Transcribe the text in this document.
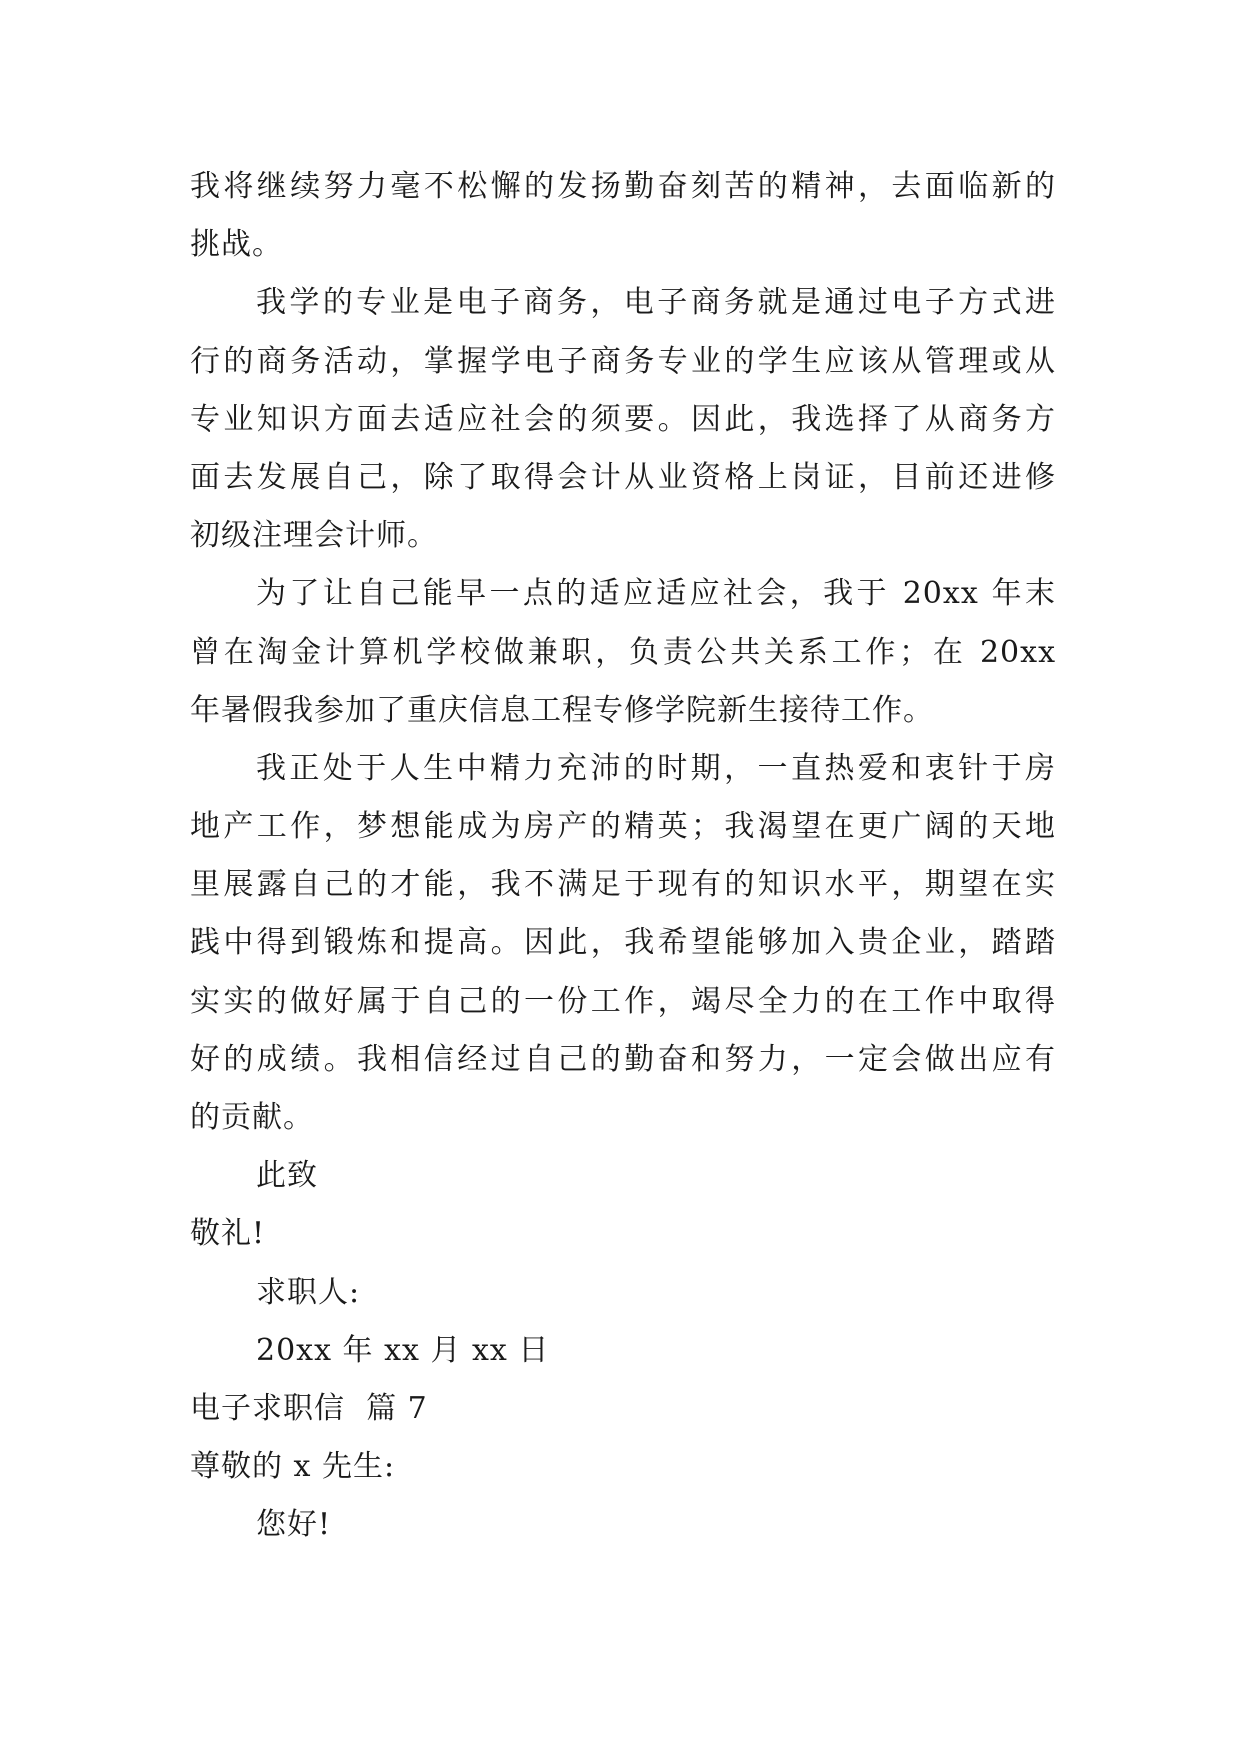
我将继续努力毫不松懈的发扬勤奋刻苦的精神，去面临新的
挑战。
我学的专业是电子商务，电子商务就是通过电子方式进
行的商务活动，掌握学电子商务专业的学生应该从管理或从
专业知识方面去适应社会的须要。因此，我选择了从商务方
面去发展自己，除了取得会计从业资格上岗证，目前还进修
初级注理会计师。
为了让自己能早一点的适应适应社会，我于 20xx 年末
曾在淘金计算机学校做兼职，负责公共关系工作；在 20xx
年暑假我参加了重庆信息工程专修学院新生接待工作。
我正处于人生中精力充沛的时期，一直热爱和衷针于房
地产工作，梦想能成为房产的精英；我渴望在更广阔的天地
里展露自己的才能，我不满足于现有的知识水平，期望在实
践中得到锻炼和提高。因此，我希望能够加入贵企业，踏踏
实实的做好属于自己的一份工作，竭尽全力的在工作中取得
好的成绩。我相信经过自己的勤奋和努力，一定会做出应有
的贡献。
此致
敬礼!
求职人:
20xx 年 xx 月 xx 日
电子求职信  篇 7
尊敬的 x 先生:
您好!
